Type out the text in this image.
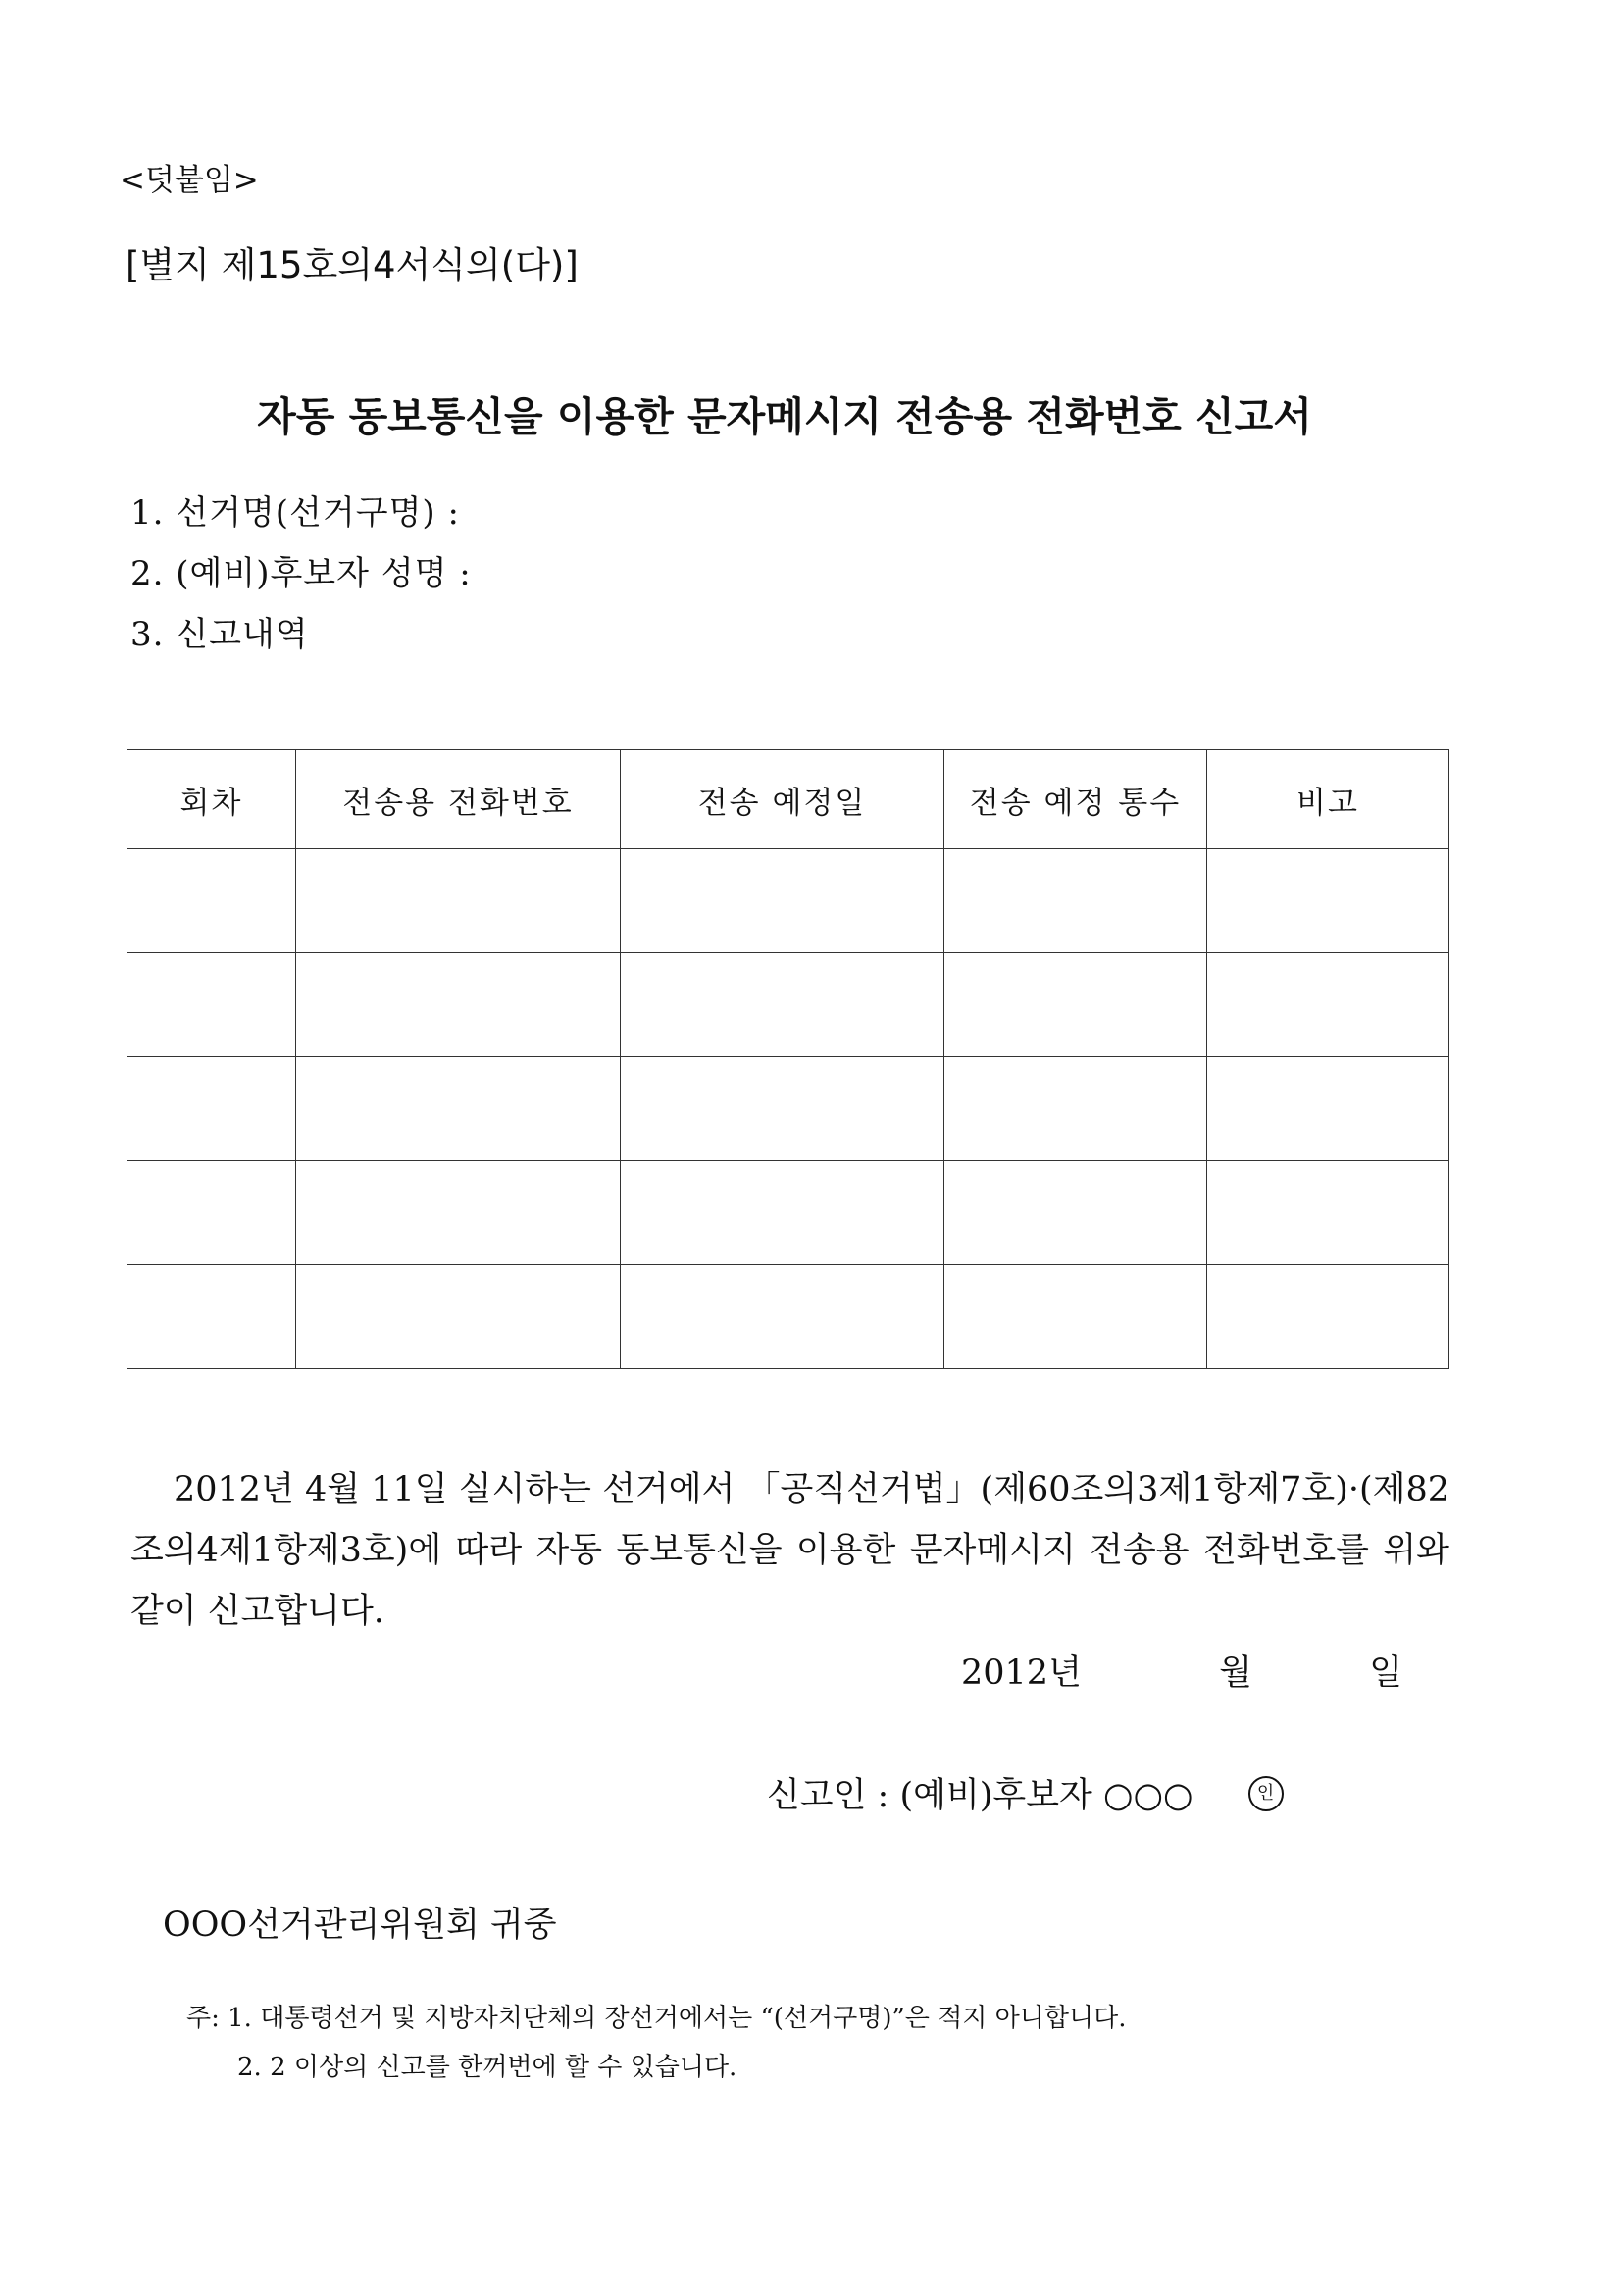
<덧붙임>
[별지 제15호의4서식의(다)]
자동 동보통신을 이용한 문자메시지 전송용 전화번호 신고서
1. 선거명(선거구명) :
2. (예비)후보자 성명 :
3. 신고내역
회차	전송용 전화번호	전송 예정일	전송 예정 통수	비고

2012년 4월 11일 실시하는 선거에서 「공직선거법」(제60조의3제1항제7호)·(제82조의4제1항제3호)에 따라 자동 동보통신을 이용한 문자메시지 전송용 전화번호를 위와 같이 신고합니다.
2012년	월	일
신고인 : (예비)후보자 ○○○	인
OOO선거관리위원회 귀중
주: 1. 대통령선거 및 지방자치단체의 장선거에서는 “(선거구명)”은 적지 아니합니다.
2. 2 이상의 신고를 한꺼번에 할 수 있습니다.
